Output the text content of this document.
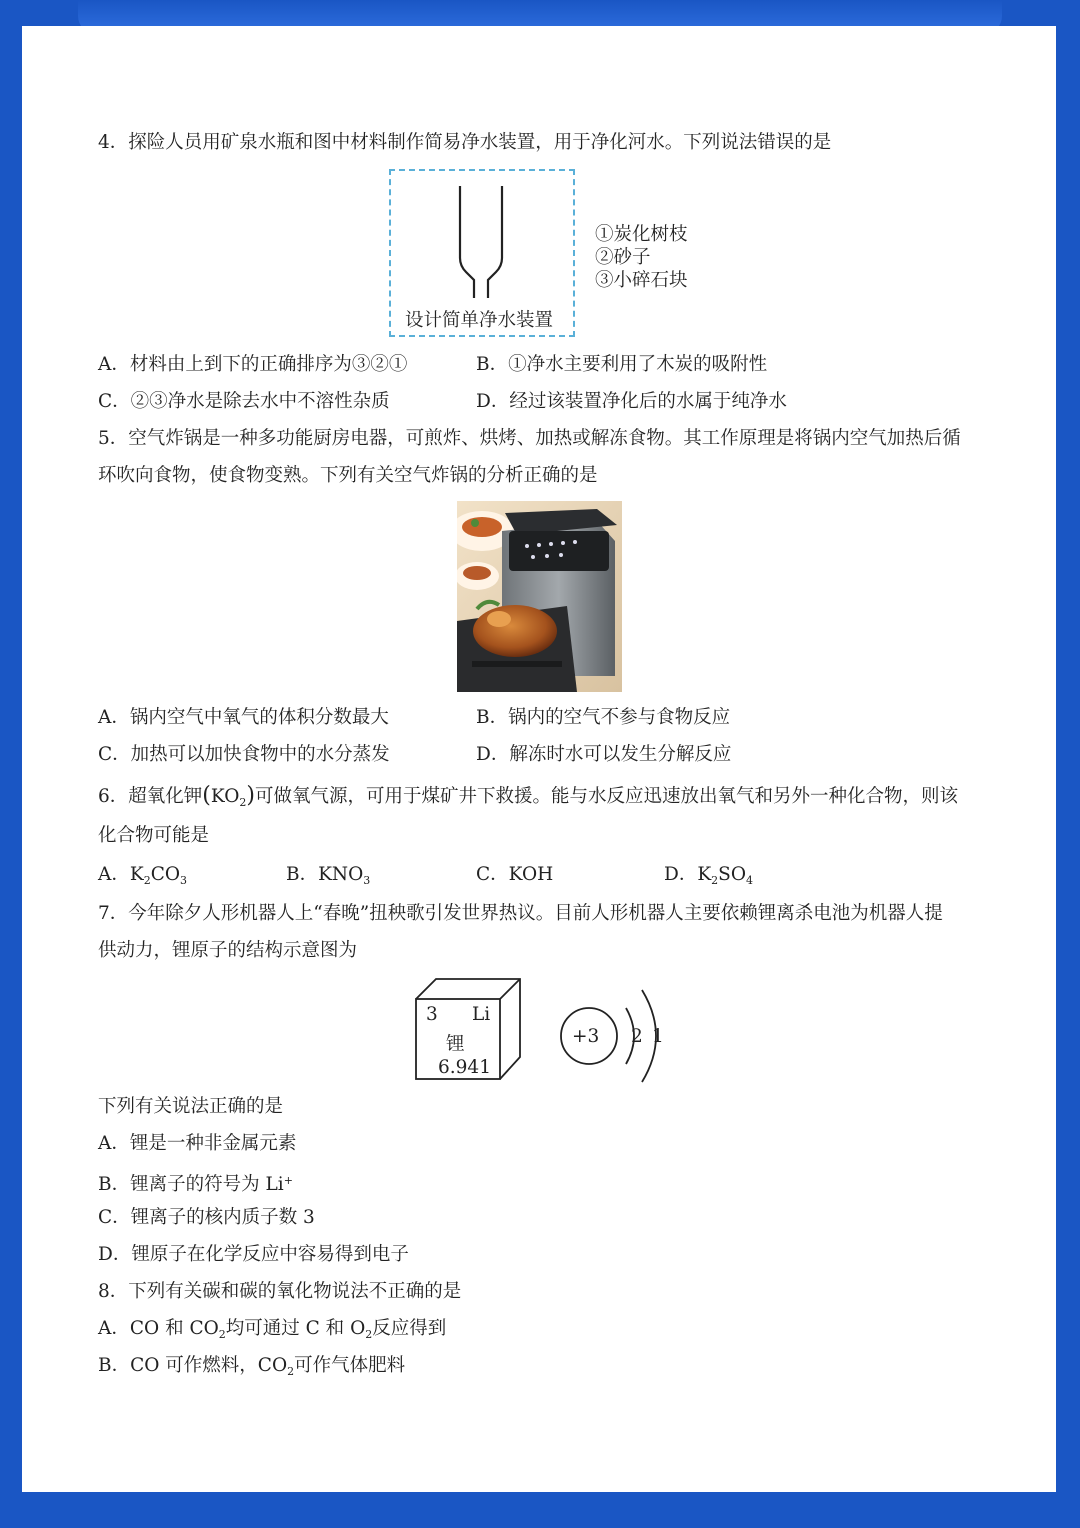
4．探险人员用矿泉水瓶和图中材料制作简易净水装置，用于净化河水。下列说法错误的是
设计简单净水装置
①炭化树枝
②砂子
③小碎石块
A．材料由上到下的正确排序为③②①	B．①净水主要利用了木炭的吸附性
C．②③净水是除去水中不溶性杂质	D．经过该装置净化后的水属于纯净水
5．空气炸锅是一种多功能厨房电器，可煎炸、烘烤、加热或解冻食物。其工作原理是将锅内空气加热后循
环吹向食物，使食物变熟。下列有关空气炸锅的分析正确的是
A．锅内空气中氧气的体积分数最大	B．锅内的空气不参与食物反应
C．加热可以加快食物中的水分蒸发	D．解冻时水可以发生分解反应
6．超氧化钾$(KO_2)$可做氧气源，可用于煤矿井下救援。能与水反应迅速放出氧气和另外一种化合物，则该
化合物可能是
A．$K_2CO_3$	B．$KNO_3$	C．KOH	D．$K_2SO_4$
7．今年除夕人形机器人上“春晚”扭秧歌引发世界热议。目前人形机器人主要依赖锂离杀电池为机器人提
供动力，锂原子的结构示意图为
3 Li
锂
6.941
+3 2 1
下列有关说法正确的是
A．锂是一种非金属元素
B．锂离子的符号为 Li+
C．锂离子的核内质子数 3
D．锂原子在化学反应中容易得到电子
8．下列有关碳和碳的氧化物说法不正确的是
A．CO 和 $CO_2$均可通过 C 和 $O_2$反应得到
B．CO 可作燃料，$CO_2$可作气体肥料
